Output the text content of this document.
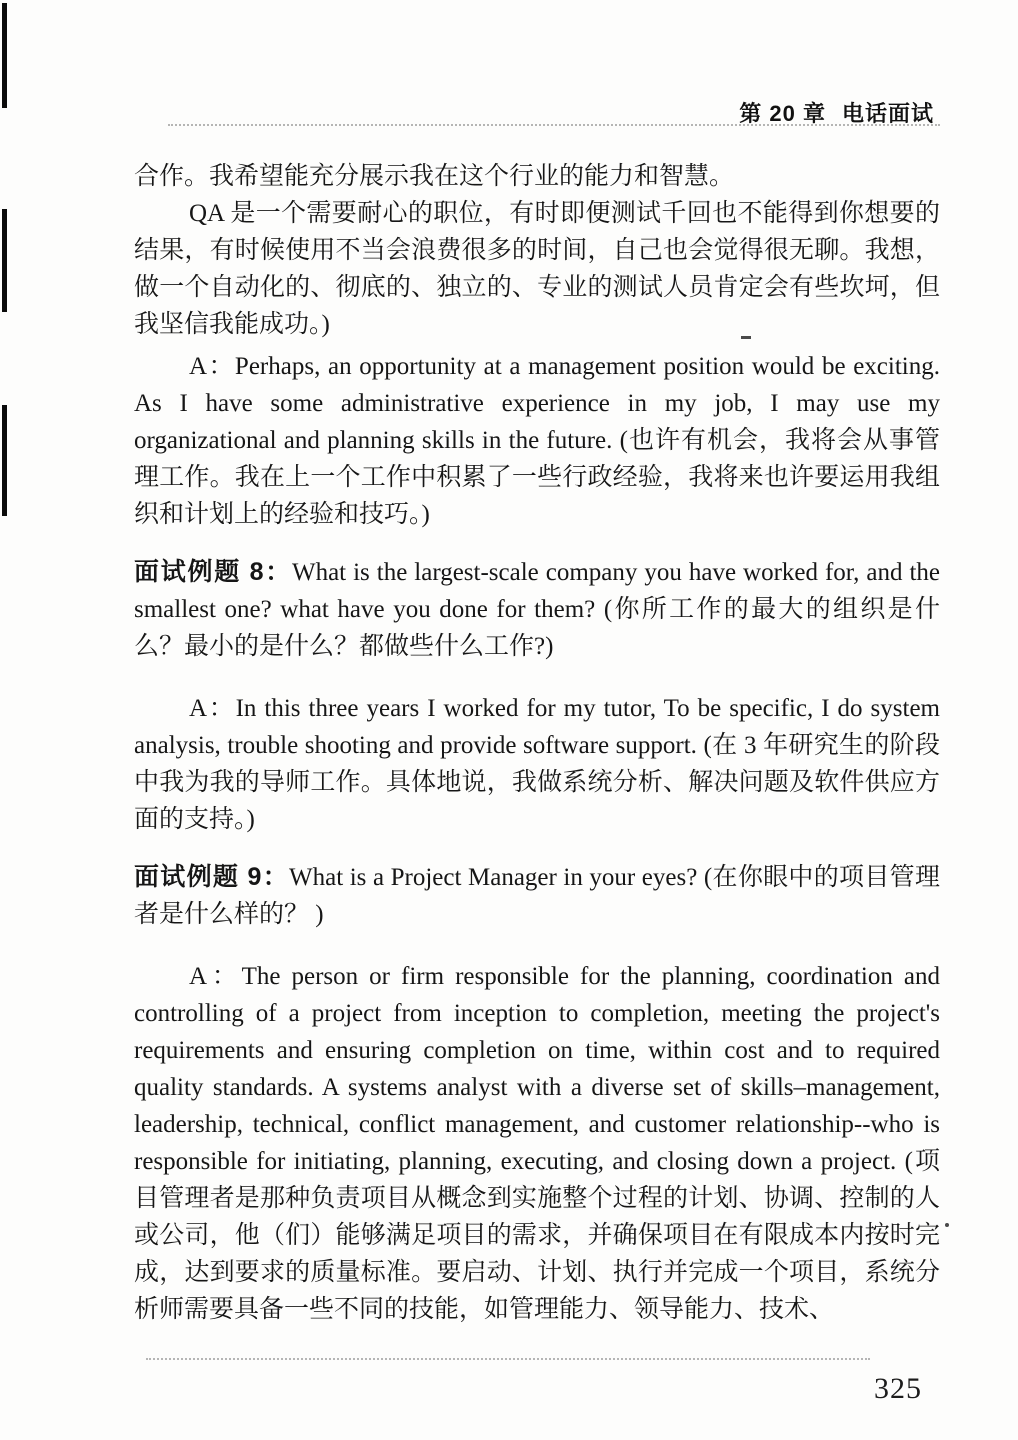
第 20 章 电话面试

合作。我希望能充分展示我在这个行业的能力和智慧。

QA 是一个需要耐心的职位，有时即便测试千回也不能得到你想要的结果，有时候使用不当会浪费很多的时间，自己也会觉得很无聊。我想，做一个自动化的、彻底的、独立的、专业的测试人员肯定会有些坎坷，但我坚信我能成功。)

A：Perhaps, an opportunity at a management position would be exciting. As I have some administrative experience in my job, I may use my organizational and planning skills in the future. (也许有机会，我将会从事管理工作。我在上一个工作中积累了一些行政经验，我将来也许要运用我组织和计划上的经验和技巧。)

面试例题 8：What is the largest-scale company you have worked for, and the smallest one? what have you done for them? (你所工作的最大的组织是什么？最小的是什么？都做些什么工作?)

A：In this three years I worked for my tutor, To be specific, I do system analysis, trouble shooting and provide software support. (在 3 年研究生的阶段中我为我的导师工作。具体地说，我做系统分析、解决问题及软件供应方面的支持。)

面试例题 9：What is a Project Manager in your eyes? (在你眼中的项目管理者是什么样的？ )

A：The person or firm responsible for the planning, coordination and controlling of a project from inception to completion, meeting the project's requirements and ensuring completion on time, within cost and to required quality standards. A systems analyst with a diverse set of skills–management, leadership, technical, conflict management, and customer relationship--who is responsible for initiating, planning, executing, and closing down a project. (项目管理者是那种负责项目从概念到实施整个过程的计划、协调、控制的人或公司，他（们）能够满足项目的需求，并确保项目在有限成本内按时完成，达到要求的质量标准。要启动、计划、执行并完成一个项目，系统分析师需要具备一些不同的技能，如管理能力、领导能力、技术、

325
